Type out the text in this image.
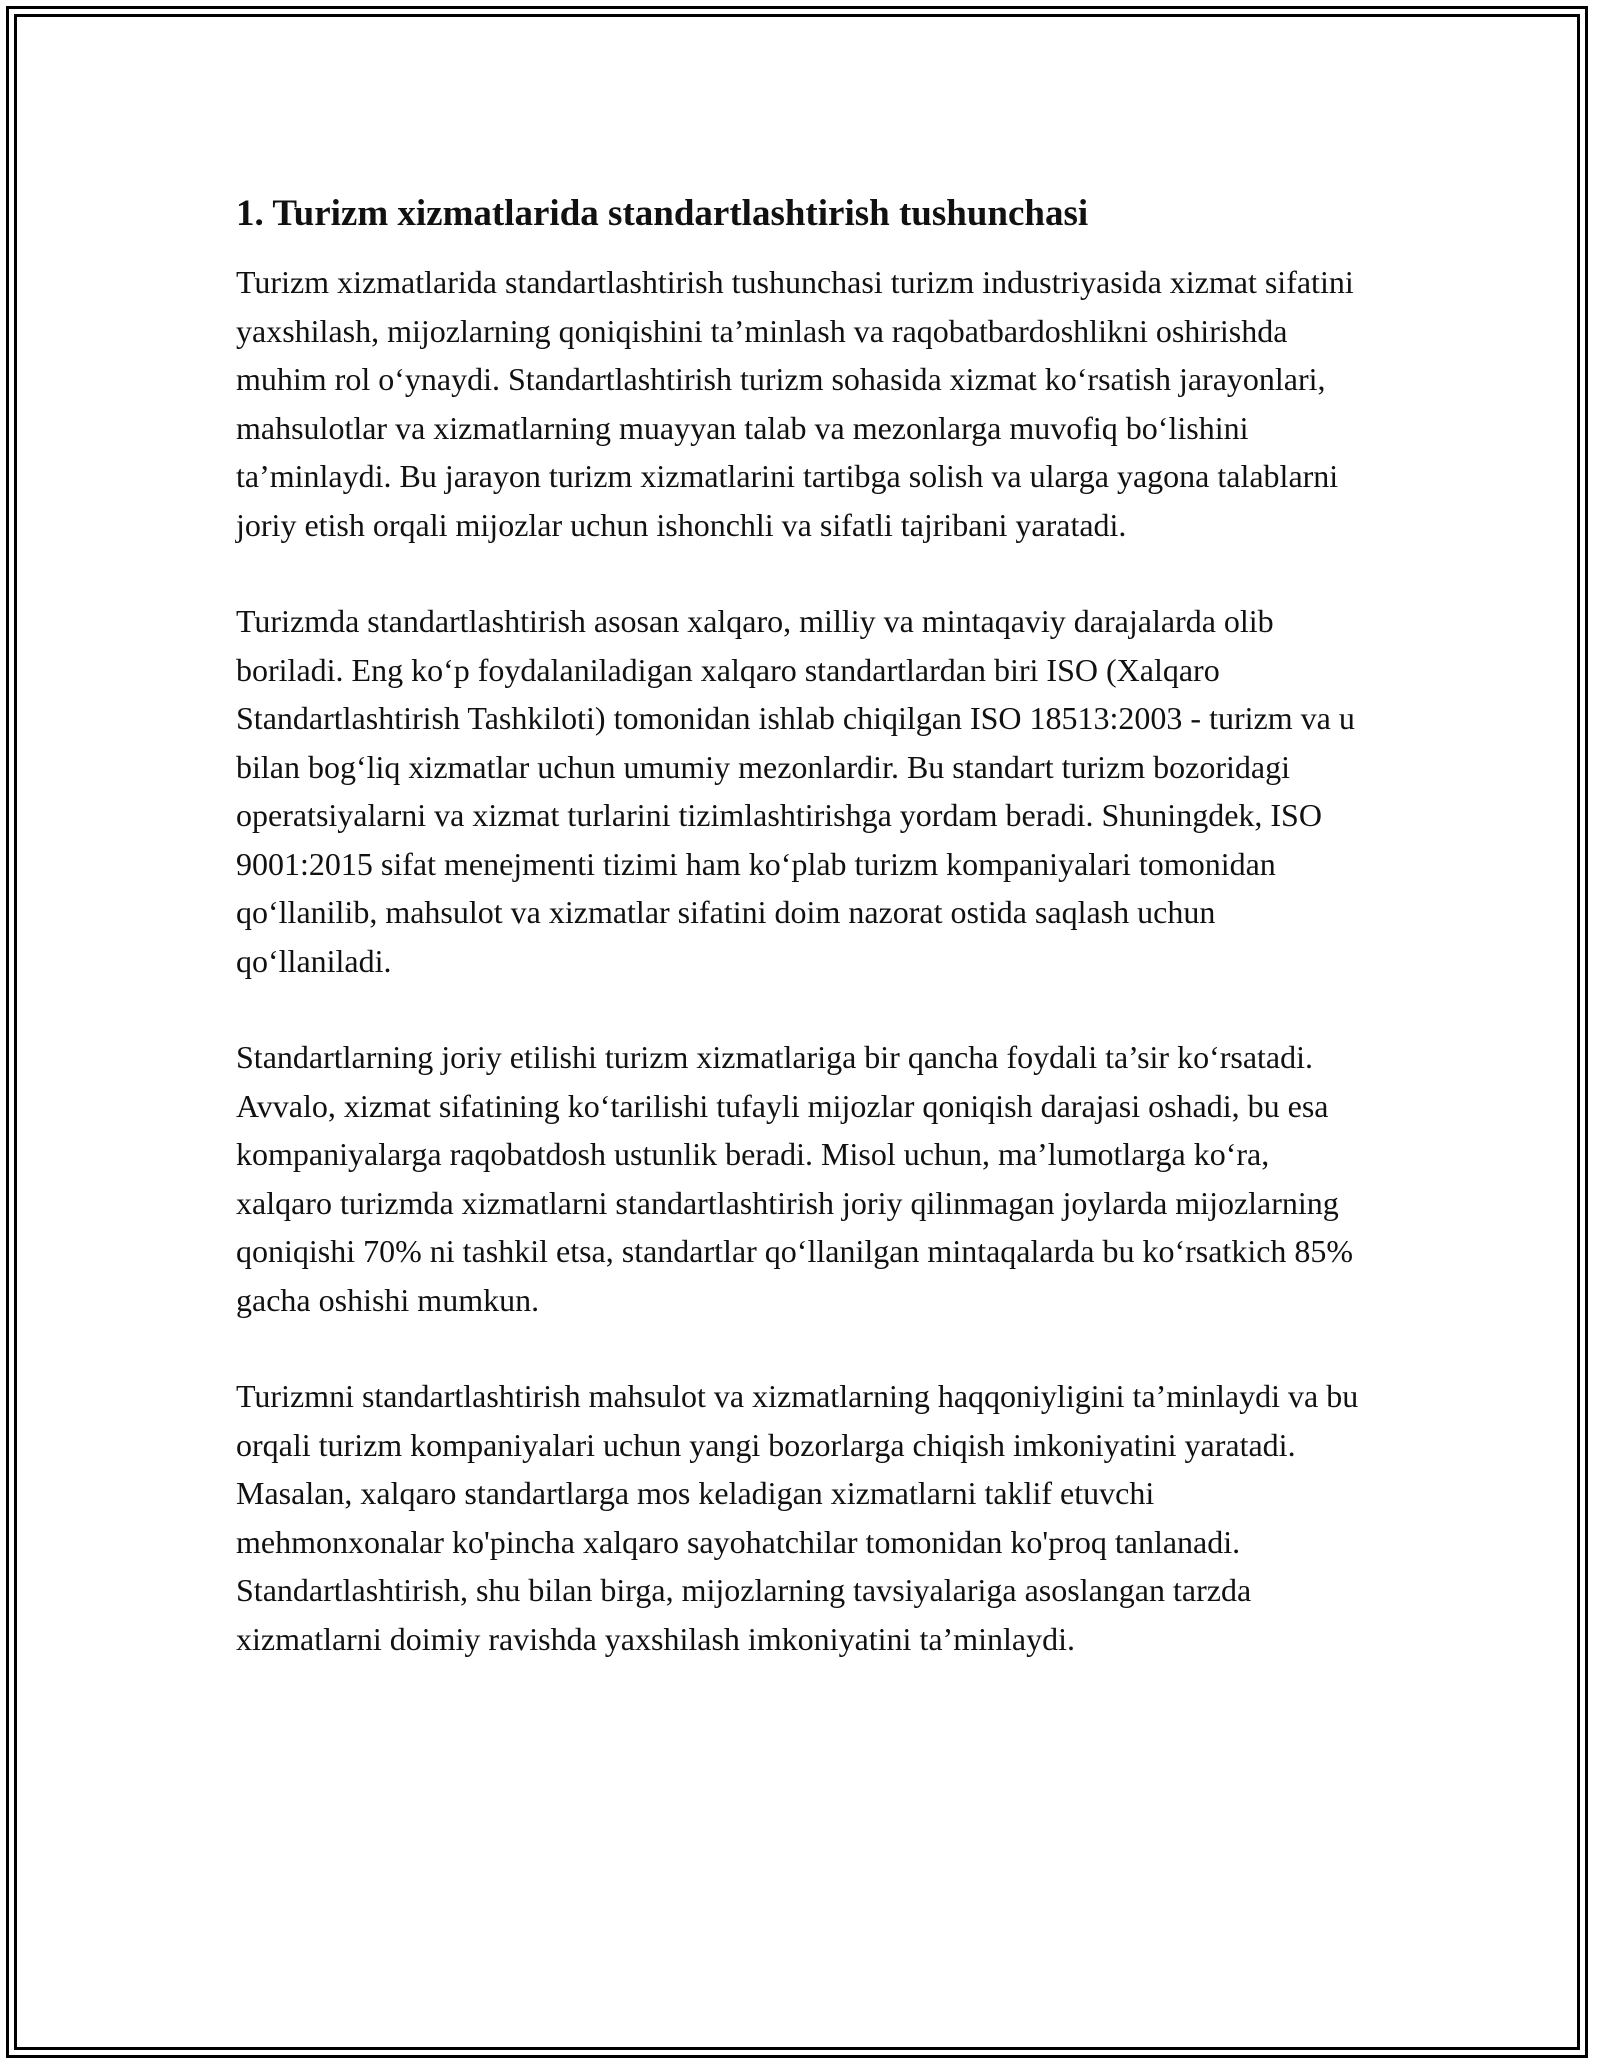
1. Turizm xizmatlarida standartlashtirish tushunchasi

Turizm xizmatlarida standartlashtirish tushunchasi turizm industriyasida xizmat sifatini yaxshilash, mijozlarning qoniqishini ta’minlash va raqobatbardoshlikni oshirishda muhim rol o‘ynaydi. Standartlashtirish turizm sohasida xizmat ko‘rsatish jarayonlari, mahsulotlar va xizmatlarning muayyan talab va mezonlarga muvofiq bo‘lishini ta’minlaydi. Bu jarayon turizm xizmatlarini tartibga solish va ularga yagona talablarni joriy etish orqali mijozlar uchun ishonchli va sifatli tajribani yaratadi.

Turizmda standartlashtirish asosan xalqaro, milliy va mintaqaviy darajalarda olib boriladi. Eng ko‘p foydalaniladigan xalqaro standartlardan biri ISO (Xalqaro Standartlashtirish Tashkiloti) tomonidan ishlab chiqilgan ISO 18513:2003 - turizm va u bilan bog‘liq xizmatlar uchun umumiy mezonlardir. Bu standart turizm bozoridagi operatsiyalarni va xizmat turlarini tizimlashtirishga yordam beradi. Shuningdek, ISO 9001:2015 sifat menejmenti tizimi ham ko‘plab turizm kompaniyalari tomonidan qo‘llanilib, mahsulot va xizmatlar sifatini doim nazorat ostida saqlash uchun qo‘llaniladi.

Standartlarning joriy etilishi turizm xizmatlariga bir qancha foydali ta’sir ko‘rsatadi. Avvalo, xizmat sifatining ko‘tarilishi tufayli mijozlar qoniqish darajasi oshadi, bu esa kompaniyalarga raqobatdosh ustunlik beradi. Misol uchun, ma’lumotlarga ko‘ra, xalqaro turizmda xizmatlarni standartlashtirish joriy qilinmagan joylarda mijozlarning qoniqishi 70% ni tashkil etsa, standartlar qo‘llanilgan mintaqalarda bu ko‘rsatkich 85% gacha oshishi mumkun.

Turizmni standartlashtirish mahsulot va xizmatlarning haqqoniyligini ta’minlaydi va bu orqali turizm kompaniyalari uchun yangi bozorlarga chiqish imkoniyatini yaratadi. Masalan, xalqaro standartlarga mos keladigan xizmatlarni taklif etuvchi mehmonxonalar ko'pincha xalqaro sayohatchilar tomonidan ko'proq tanlanadi. Standartlashtirish, shu bilan birga, mijozlarning tavsiyalariga asoslangan tarzda xizmatlarni doimiy ravishda yaxshilash imkoniyatini ta’minlaydi.
